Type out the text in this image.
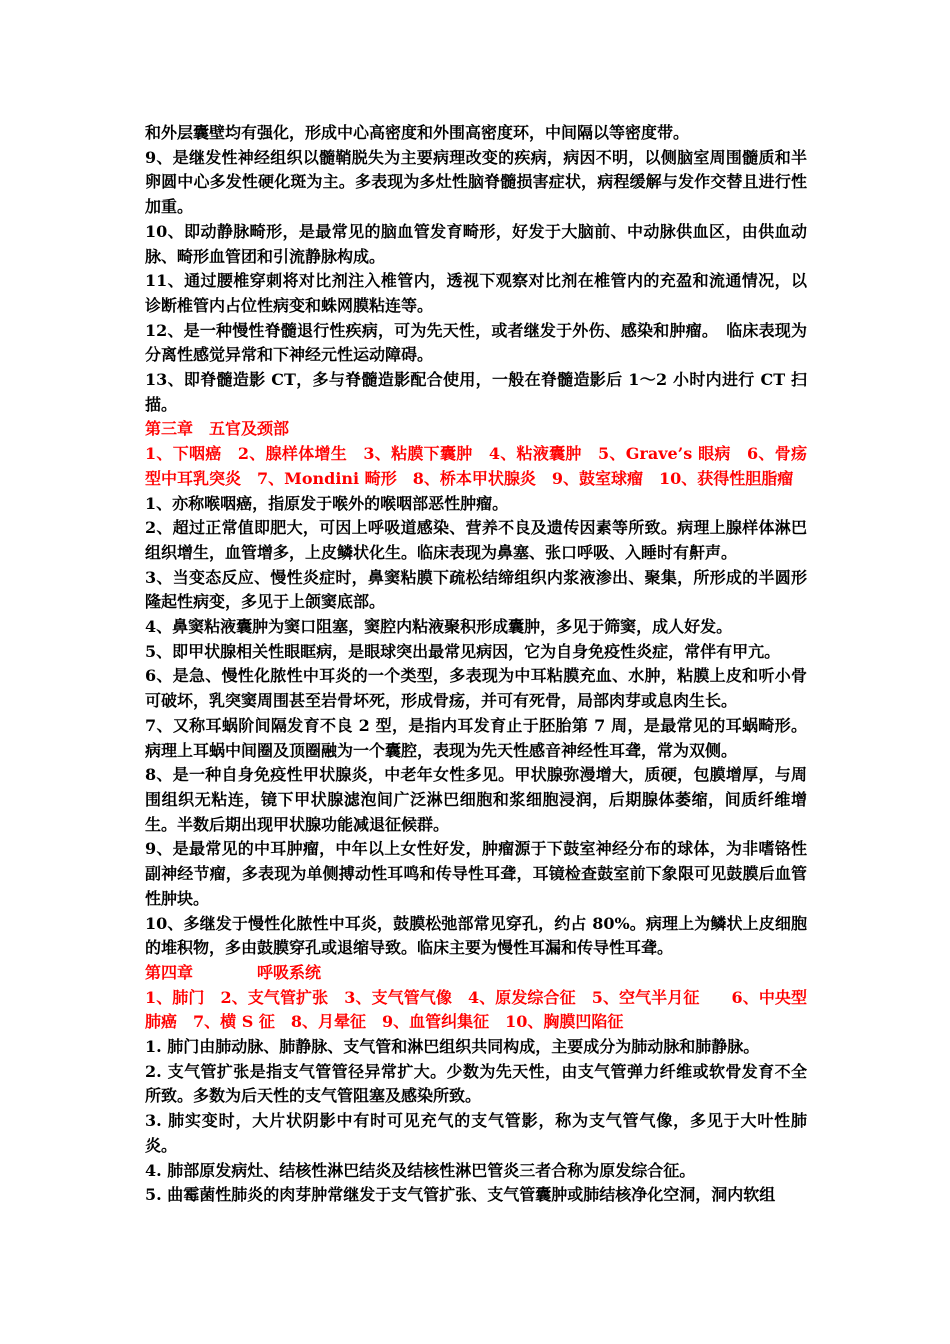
和外层囊壁均有强化，形成中心高密度和外围高密度环，中间隔以等密度带。

9、是继发性神经组织以髓鞘脱失为主要病理改变的疾病，病因不明，以侧脑室周围髓质和半卵圆中心多发性硬化斑为主。多表现为多灶性脑脊髓损害症状，病程缓解与发作交替且进行性加重。

10、即动静脉畸形，是最常见的脑血管发育畸形，好发于大脑前、中动脉供血区，由供血动脉、畸形血管团和引流静脉构成。

11、通过腰椎穿刺将对比剂注入椎管内，透视下观察对比剂在椎管内的充盈和流通情况，以诊断椎管内占位性病变和蛛网膜粘连等。

12、是一种慢性脊髓退行性疾病，可为先天性，或者继发于外伤、感染和肿瘤。　临床表现为分离性感觉异常和下神经元性运动障碍。

13、即脊髓造影 CT，多与脊髓造影配合使用，一般在脊髓造影后 1～2 小时内进行 CT 扫描。

第三章　五官及颈部

1、下咽癌　2、腺样体增生　3、粘膜下囊肿　4、粘液囊肿　5、Grave’s 眼病　6、骨疡型中耳乳突炎　7、Mondini 畸形　8、桥本甲状腺炎　9、鼓室球瘤　10、获得性胆脂瘤

1、亦称喉咽癌，指原发于喉外的喉咽部恶性肿瘤。

2、超过正常值即肥大，可因上呼吸道感染、营养不良及遗传因素等所致。病理上腺样体淋巴组织增生，血管增多，上皮鳞状化生。临床表现为鼻塞、张口呼吸、入睡时有鼾声。

3、当变态反应、慢性炎症时，鼻窦粘膜下疏松结缔组织内浆液渗出、聚集，所形成的半圆形隆起性病变，多见于上颌窦底部。

4、鼻窦粘液囊肿为窦口阻塞，窦腔内粘液聚积形成囊肿，多见于筛窦，成人好发。

5、即甲状腺相关性眼眶病，是眼球突出最常见病因，它为自身免疫性炎症，常伴有甲亢。

6、是急、慢性化脓性中耳炎的一个类型，多表现为中耳粘膜充血、水肿，粘膜上皮和听小骨可破坏，乳突窦周围甚至岩骨坏死，形成骨疡，并可有死骨，局部肉芽或息肉生长。

7、又称耳蜗阶间隔发育不良 2 型，是指内耳发育止于胚胎第 7 周，是最常见的耳蜗畸形。病理上耳蜗中间圈及顶圈融为一个囊腔，表现为先天性感音神经性耳聋，常为双侧。

8、是一种自身免疫性甲状腺炎，中老年女性多见。甲状腺弥漫增大，质硬，包膜增厚，与周围组织无粘连，镜下甲状腺滤泡间广泛淋巴细胞和浆细胞浸润，后期腺体萎缩，间质纤维增生。半数后期出现甲状腺功能减退征候群。

9、是最常见的中耳肿瘤，中年以上女性好发，肿瘤源于下鼓室神经分布的球体，为非嗜铬性副神经节瘤，多表现为单侧搏动性耳鸣和传导性耳聋，耳镜检查鼓室前下象限可见鼓膜后血管性肿块。

10、多继发于慢性化脓性中耳炎，鼓膜松弛部常见穿孔，约占 80%。病理上为鳞状上皮细胞的堆积物，多由鼓膜穿孔或退缩导致。临床主要为慢性耳漏和传导性耳聋。

第四章　　　　呼吸系统

1、肺门　2、支气管扩张　3、支气管气像　4、原发综合征　5、空气半月征　　6、中央型肺癌　7、横 S 征　8、月晕征　9、血管纠集征　10、胸膜凹陷征

1. 肺门由肺动脉、肺静脉、支气管和淋巴组织共同构成，主要成分为肺动脉和肺静脉。

2. 支气管扩张是指支气管管径异常扩大。少数为先天性，由支气管弹力纤维或软骨发育不全所致。多数为后天性的支气管阻塞及感染所致。

3. 肺实变时，大片状阴影中有时可见充气的支气管影，称为支气管气像，多见于大叶性肺炎。

4. 肺部原发病灶、结核性淋巴结炎及结核性淋巴管炎三者合称为原发综合征。

5. 曲霉菌性肺炎的肉芽肿常继发于支气管扩张、支气管囊肿或肺结核净化空洞，洞内软组
